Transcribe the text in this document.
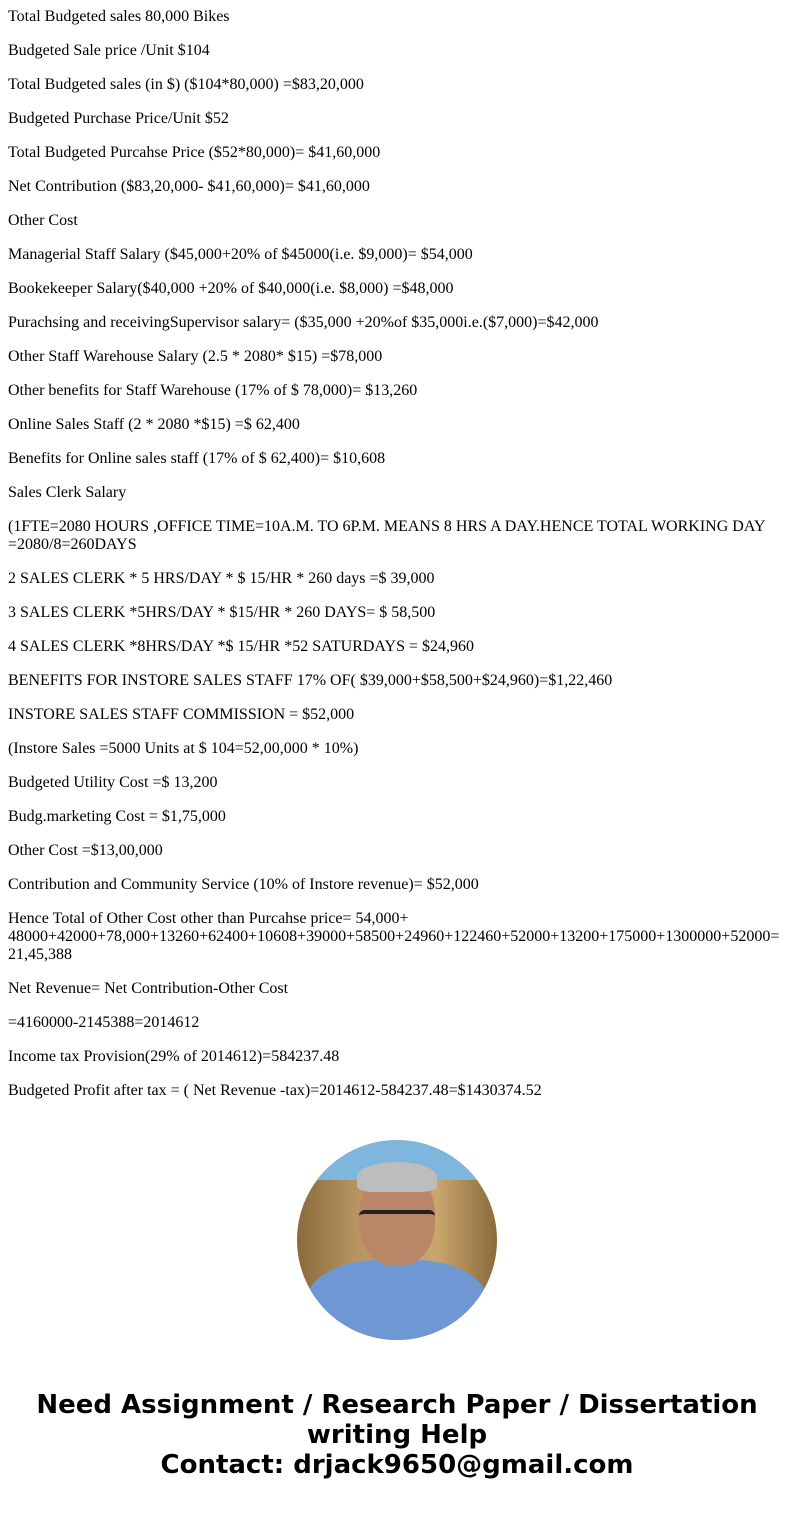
Total Budgeted sales 80,000 Bikes

Budgeted Sale price /Unit $104

Total Budgeted sales (in $) ($104*80,000) =$83,20,000

Budgeted Purchase Price/Unit $52

Total Budgeted Purcahse Price ($52*80,000)= $41,60,000

Net Contribution ($83,20,000- $41,60,000)= $41,60,000

Other Cost

Managerial Staff Salary ($45,000+20% of $45000(i.e. $9,000)= $54,000

Bookekeeper Salary($40,000 +20% of $40,000(i.e. $8,000) =$48,000

Purachsing and receivingSupervisor salary= ($35,000 +20%of $35,000i.e.($7,000)=$42,000

Other Staff Warehouse Salary (2.5 * 2080* $15) =$78,000

Other benefits for Staff Warehouse (17% of $ 78,000)= $13,260

Online Sales Staff (2 * 2080 *$15) =$ 62,400

Benefits for Online sales staff (17% of $ 62,400)= $10,608

Sales Clerk Salary

(1FTE=2080 HOURS ,OFFICE TIME=10A.M. TO 6P.M. MEANS 8 HRS A DAY.HENCE TOTAL WORKING DAY =2080/8=260DAYS

2 SALES CLERK * 5 HRS/DAY * $ 15/HR * 260 days =$ 39,000

3 SALES CLERK *5HRS/DAY * $15/HR * 260 DAYS= $ 58,500

4 SALES CLERK *8HRS/DAY *$ 15/HR *52 SATURDAYS = $24,960

BENEFITS FOR INSTORE SALES STAFF 17% OF( $39,000+$58,500+$24,960)=$1,22,460

INSTORE SALES STAFF COMMISSION = $52,000

(Instore Sales =5000 Units at $ 104=52,00,000 * 10%)

Budgeted Utility Cost =$ 13,200

Budg.marketing Cost = $1,75,000

Other Cost =$13,00,000

Contribution and Community Service (10% of Instore revenue)= $52,000

Hence Total of Other Cost other than Purcahse price= 54,000+ 48000+42000+78,000+13260+62400+10608+39000+58500+24960+122460+52000+13200+175000+1300000+52000= 21,45,388

Net Revenue= Net Contribution-Other Cost

=4160000-2145388=2014612

Income tax Provision(29% of 2014612)=584237.48

Budgeted Profit after tax = ( Net Revenue -tax)=2014612-584237.48=$1430374.52

Need Assignment / Research Paper / Dissertation writing Help
Contact: drjack9650@gmail.com
